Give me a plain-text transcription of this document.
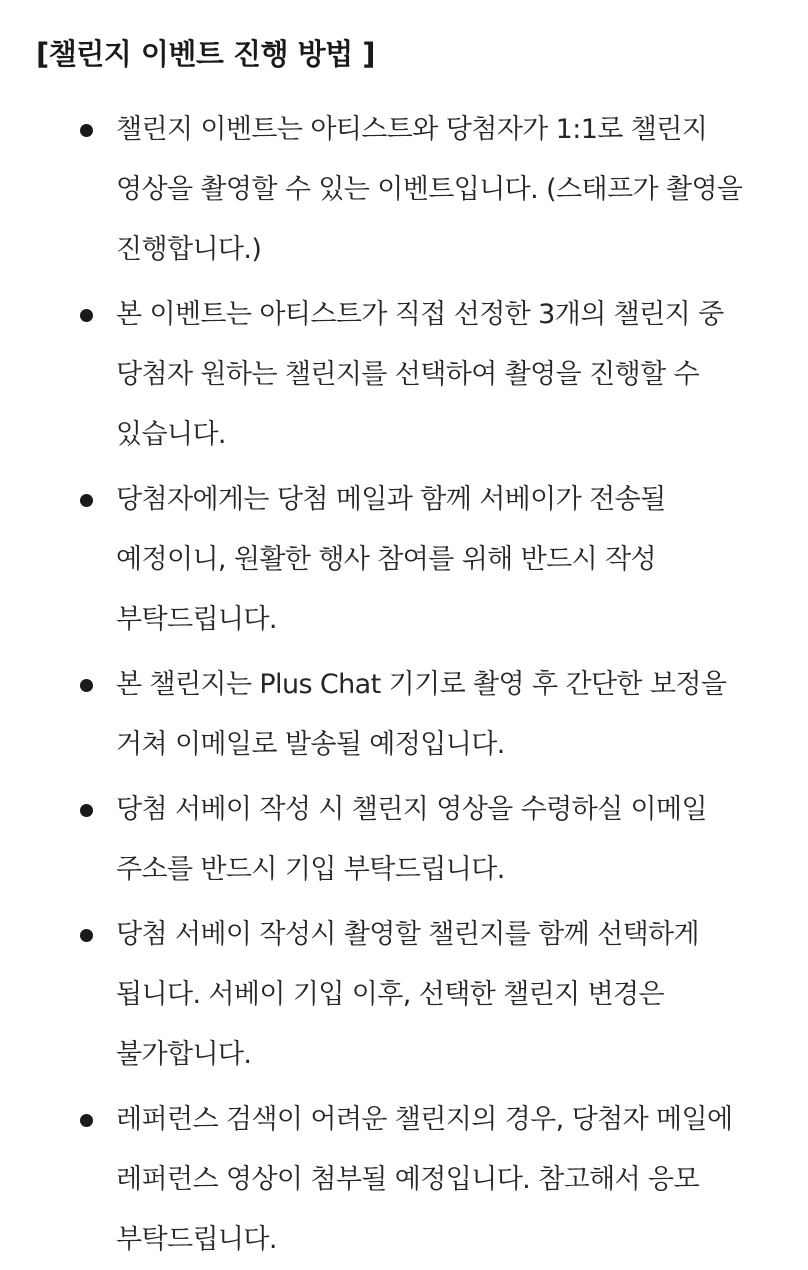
[챌린지 이벤트 진행 방법 ]
챌린지 이벤트는 아티스트와 당첨자가 1:1로 챌린지 영상을 촬영할 수 있는 이벤트입니다. (스태프가 촬영을 진행합니다.)
본 이벤트는 아티스트가 직접 선정한 3개의 챌린지 중 당첨자 원하는 챌린지를 선택하여 촬영을 진행할 수 있습니다.
당첨자에게는 당첨 메일과 함께 서베이가 전송될 예정이니, 원활한 행사 참여를 위해 반드시 작성 부탁드립니다.
본 챌린지는 Plus Chat 기기로 촬영 후 간단한 보정을 거쳐 이메일로 발송될 예정입니다.
당첨 서베이 작성 시 챌린지 영상을 수령하실 이메일 주소를 반드시 기입 부탁드립니다.
당첨 서베이 작성시 촬영할 챌린지를 함께 선택하게 됩니다. 서베이 기입 이후, 선택한 챌린지 변경은 불가합니다.
레퍼런스 검색이 어려운 챌린지의 경우, 당첨자 메일에 레퍼런스 영상이 첨부될 예정입니다. 참고해서 응모 부탁드립니다.
